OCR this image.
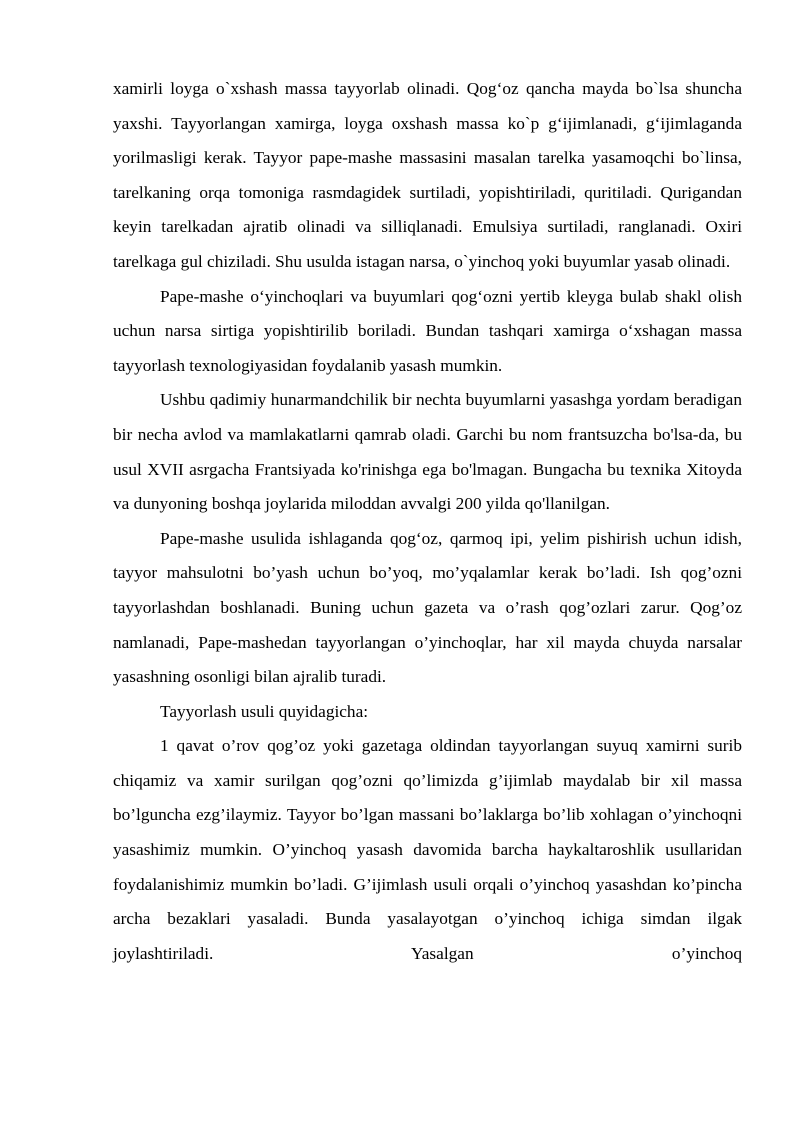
xamirli loyga o`xshash massa tayyorlab olinadi. Qog‘oz qancha mayda bo`lsa shuncha yaxshi. Tayyorlangan xamirga, loyga oxshash massa ko`p g‘ijimlanadi, g‘ijimlaganda yorilmasligi kerak. Tayyor pape-mashe massasini masalan tarelka yasamoqchi bo`linsa, tarelkaning orqa tomoniga rasmdagidek surtiladi, yopishtiriladi, quritiladi. Qurigandan keyin tarelkadan ajratib olinadi va silliqlanadi. Emulsiya surtiladi, ranglanadi. Oxiri tarelkaga gul chiziladi. Shu usulda istagan narsa, o`yinchoq yoki buyumlar yasab olinadi.

Pape-mashe o‘yinchoqlari va buyumlari qog‘ozni yertib kleyga bulab shakl olish uchun narsa sirtiga yopishtirilib boriladi. Bundan tashqari xamirga o‘xshagan massa tayyorlash texnologiyasidan foydalanib yasash mumkin.

Ushbu qadimiy hunarmandchilik bir nechta buyumlarni yasashga yordam beradigan bir necha avlod va mamlakatlarni qamrab oladi. Garchi bu nom frantsuzcha bo'lsa-da, bu usul XVII asrgacha Frantsiyada ko'rinishga ega bo'lmagan. Bungacha bu texnika Xitoyda va dunyoning boshqa joylarida miloddan avvalgi 200 yilda qo'llanilgan.

Pape-mashe usulida ishlaganda qog‘oz, qarmoq ipi, yelim pishirish uchun idish, tayyor mahsulotni bo’yash uchun bo’yoq, mo’yqalamlar kerak bo’ladi. Ish qog’ozni tayyorlashdan boshlanadi. Buning uchun gazeta va o’rash qog’ozlari zarur. Qog’oz namlanadi, Pape-mashedan tayyorlangan o’yinchoqlar, har xil mayda chuyda narsalar yasashning osonligi bilan ajralib turadi.

Tayyorlash usuli quyidagicha:

1 qavat o’rov qog’oz yoki gazetaga oldindan tayyorlangan suyuq xamirni surib chiqamiz va xamir surilgan qog’ozni qo’limizda g’ijimlab maydalab bir xil massa bo’lguncha ezg’ilaymiz. Tayyor bo’lgan massani bo’laklarga bo’lib xohlagan o’yinchoqni yasashimiz mumkin. O’yinchoq yasash davomida barcha haykaltaroshlik usullaridan foydalanishimiz mumkin bo’ladi. G’ijimlash usuli orqali o’yinchoq yasashdan ko’pincha archa bezaklari yasaladi. Bunda yasalayotgan o’yinchoq ichiga simdan ilgak joylashtiriladi. Yasalgan o’yinchoq
